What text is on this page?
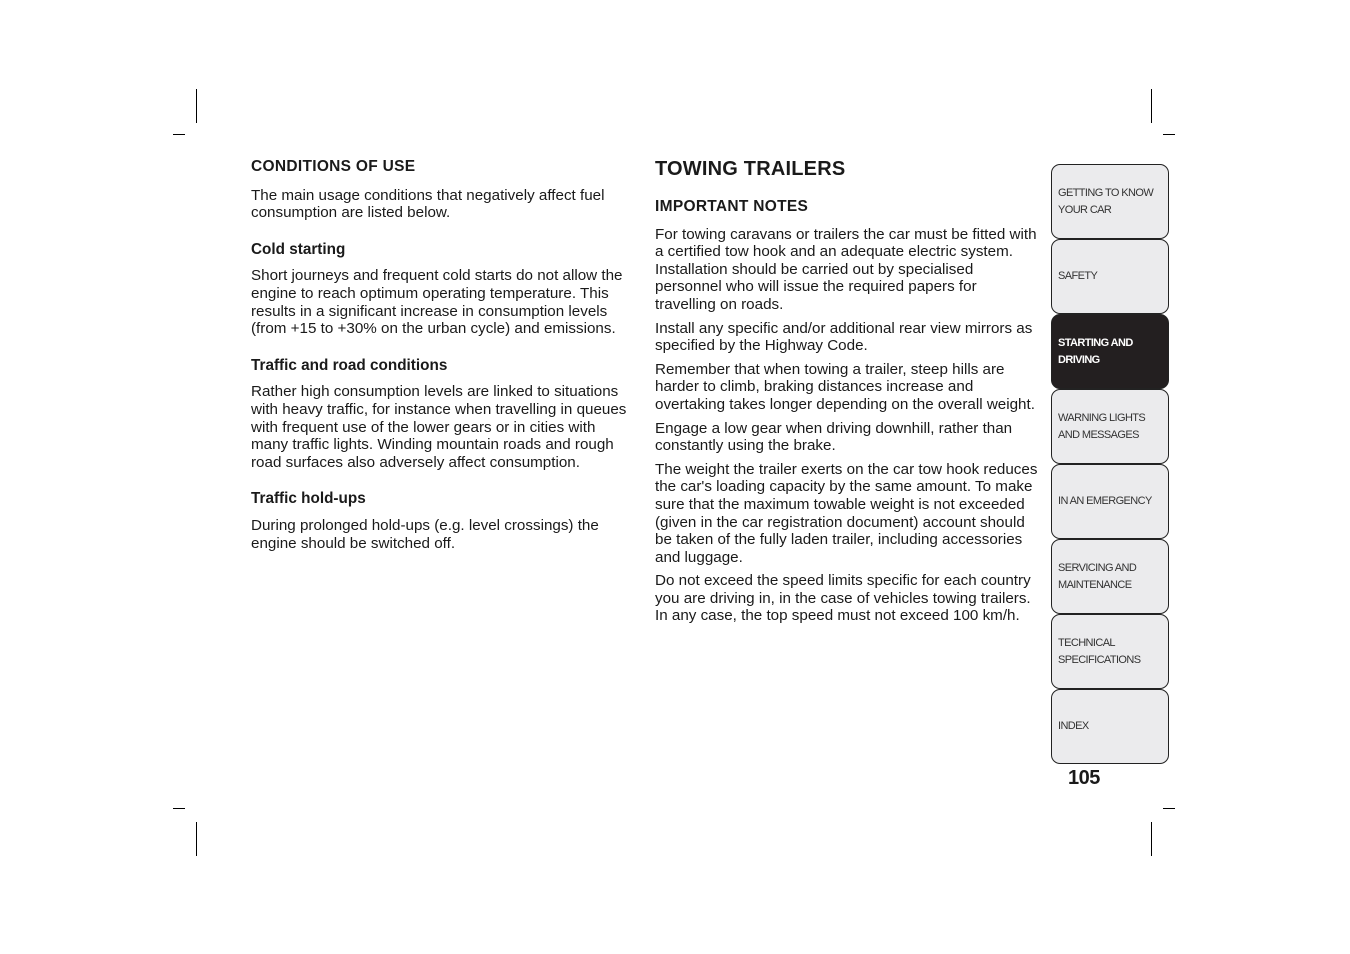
CONDITIONS OF USE

The main usage conditions that negatively affect fuel consumption are listed below.

Cold starting

Short journeys and frequent cold starts do not allow the engine to reach optimum operating temperature. This results in a significant increase in consumption levels (from +15 to +30% on the urban cycle) and emissions.

Traffic and road conditions

Rather high consumption levels are linked to situations with heavy traffic, for instance when travelling in queues with frequent use of the lower gears or in cities with many traffic lights. Winding mountain roads and rough road surfaces also adversely affect consumption.

Traffic hold-ups

During prolonged hold-ups (e.g. level crossings) the engine should be switched off.

TOWING TRAILERS
IMPORTANT NOTES

For towing caravans or trailers the car must be fitted with a certified tow hook and an adequate electric system. Installation should be carried out by specialised personnel who will issue the required papers for travelling on roads.

Install any specific and/or additional rear view mirrors as specified by the Highway Code.

Remember that when towing a trailer, steep hills are harder to climb, braking distances increase and overtaking takes longer depending on the overall weight.

Engage a low gear when driving downhill, rather than constantly using the brake.

The weight the trailer exerts on the car tow hook reduces the car's loading capacity by the same amount. To make sure that the maximum towable weight is not exceeded (given in the car registration document) account should be taken of the fully laden trailer, including accessories and luggage.

Do not exceed the speed limits specific for each country you are driving in, in the case of vehicles towing trailers. In any case, the top speed must not exceed 100 km/h.

GETTING TO KNOW
YOUR CAR
SAFETY
STARTING AND
DRIVING
WARNING LIGHTS
AND MESSAGES
IN AN EMERGENCY
SERVICING AND
MAINTENANCE
TECHNICAL
SPECIFICATIONS
INDEX
105
